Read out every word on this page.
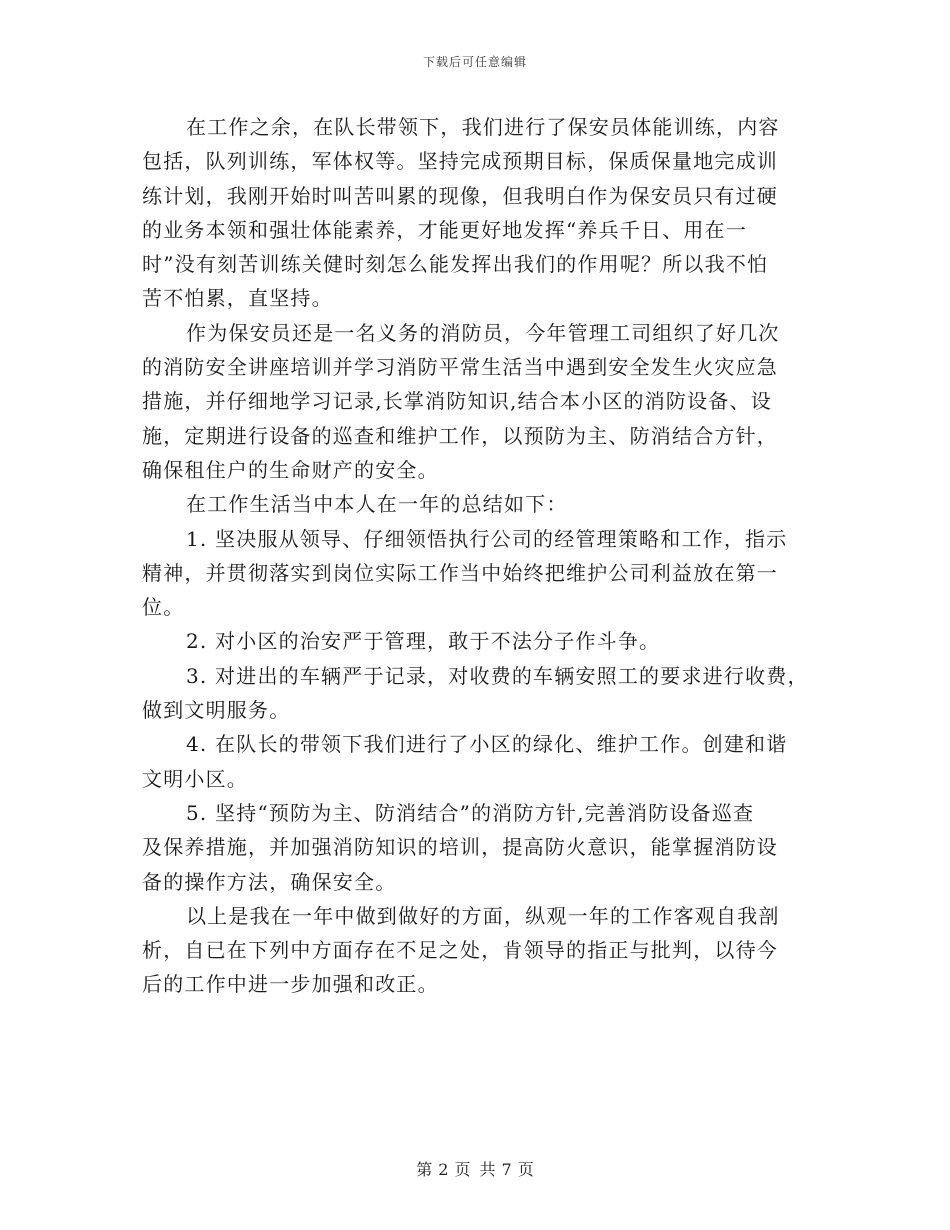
下载后可任意编辑
在工作之余，在队长带领下，我们进行了保安员体能训练，内容
包括，队列训练，军体权等。坚持完成预期目标，保质保量地完成训
练计划，我刚开始时叫苦叫累的现像，但我明白作为保安员只有过硬
的业务本领和强壮体能素养，才能更好地发挥“养兵千日、用在一
时”没有刻苦训练关健时刻怎么能发挥出我们的作用呢？所以我不怕
苦不怕累，直坚持。
作为保安员还是一名义务的消防员，今年管理工司组织了好几次
的消防安全讲座培训并学习消防平常生活当中遇到安全发生火灾应急
措施，并仔细地学习记录,长掌消防知识,结合本小区的消防设备、设
施，定期进行设备的巡查和维护工作，以预防为主、防消结合方针，
确保租住户的生命财产的安全。
在工作生活当中本人在一年的总结如下：
1. 坚决服从领导、仔细领悟执行公司的经管理策略和工作，指示
精神，并贯彻落实到岗位实际工作当中始终把维护公司利益放在第一
位。
2. 对小区的治安严于管理，敢于不法分子作斗争。
3. 对进出的车辆严于记录，对收费的车辆安照工的要求进行收费，
做到文明服务。
4. 在队长的带领下我们进行了小区的绿化、维护工作。创建和谐
文明小区。
5. 坚持“预防为主、防消结合”的消防方针,完善消防设备巡查
及保养措施，并加强消防知识的培训，提高防火意识，能掌握消防设
备的操作方法，确保安全。
以上是我在一年中做到做好的方面，纵观一年的工作客观自我剖
析，自已在下列中方面存在不足之处，肯领导的指正与批判，以待今
后的工作中进一步加强和改正。
第 2 页 共 7 页
